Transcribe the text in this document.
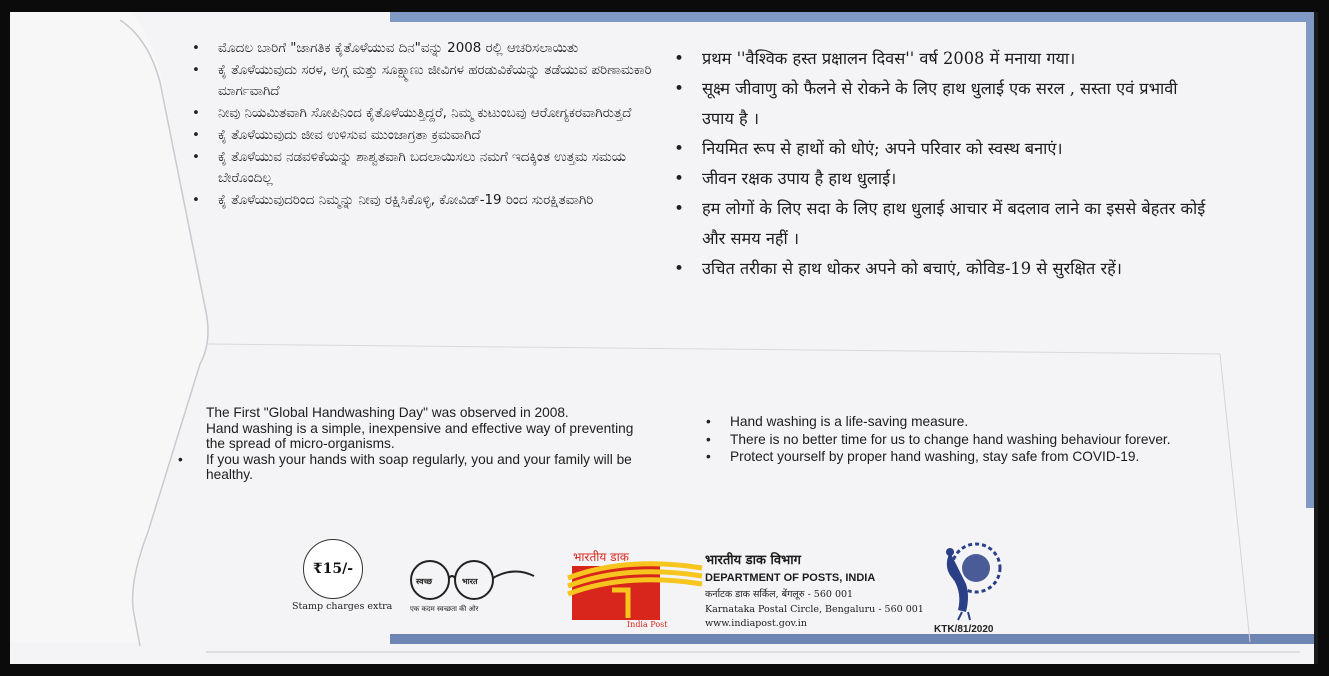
• ಮೊದಲ ಬಾರಿಗೆ "ಜಾಗತಿಕ ಕೈತೊಳೆಯುವ ದಿನ"ವನ್ನು 2008 ರಲ್ಲಿ ಆಚರಿಸಲಾಯಿತು
• ಕೈ ತೊಳೆಯುವುದು ಸರಳ, ಅಗ್ಗ ಮತ್ತು ಸೂಕ್ಷ್ಮಾಣು ಜೀವಿಗಳ ಹರಡುವಿಕೆಯನ್ನು ತಡೆಯುವ ಪರಿಣಾಮಕಾರಿ ಮಾರ್ಗವಾಗಿದೆ
• ನೀವು ನಿಯಮಿತವಾಗಿ ಸೋಪಿನಿಂದ ಕೈತೊಳೆಯುತ್ತಿದ್ದರೆ, ನಿಮ್ಮ ಕುಟುಂಬವು ಆರೋಗ್ಯಕರವಾಗಿರುತ್ತದೆ
• ಕೈ ತೊಳೆಯುವುದು ಜೀವ ಉಳಿಸುವ ಮುಂಜಾಗ್ರತಾ ಕ್ರಮವಾಗಿದೆ
• ಕೈ ತೊಳೆಯುವ ನಡವಳಿಕೆಯನ್ನು ಶಾಶ್ವತವಾಗಿ ಬದಲಾಯಿಸಲು ನಮಗೆ ಇದಕ್ಕಿಂತ ಉತ್ತಮ ಸಮಯ ಬೇರೊಂದಿಲ್ಲ
• ಕೈ ತೊಳೆಯುವುದರಿಂದ ನಿಮ್ಮನ್ನು ನೀವು ರಕ್ಷಿಸಿಕೊಳ್ಳಿ, ಕೋವಿಡ್-19 ರಿಂದ ಸುರಕ್ಷಿತವಾಗಿರಿ
• प्रथम ''वैश्विक हस्त प्रक्षालन दिवस'' वर्ष 2008 में मनाया गया।
• सूक्ष्म जीवाणु को फैलने से रोकने के लिए हाथ धुलाई एक सरल , सस्ता एवं प्रभावी उपाय है ।
• नियमित रूप से हाथों को धोएं; अपने परिवार को स्वस्थ बनाएं।
• जीवन रक्षक उपाय है हाथ धुलाई।
• हम लोगों के लिए सदा के लिए हाथ धुलाई आचार में बदलाव लाने का इससे बेहतर कोई और समय नहीं ।
• उचित तरीका से हाथ धोकर अपने को बचाएं, कोविड-19 से सुरक्षित रहें।
The First "Global Handwashing Day" was observed in 2008.
Hand washing is a simple, inexpensive and effective way of preventing the spread of micro-organisms.
• If you wash your hands with soap regularly, you and your family will be healthy.
• Hand washing is a life-saving measure.
• There is no better time for us to change hand washing behaviour forever.
• Protect yourself by proper hand washing, stay safe from COVID-19.
₹15/-
Stamp charges extra
स्वच्छ	भारत
एक कदम स्वच्छता की ओर
भारतीय डाक
India Post
भारतीय डाक विभाग
DEPARTMENT OF POSTS, INDIA
कर्नाटक डाक सर्किल, बेंगलूरु - 560 001
Karnataka Postal Circle, Bengaluru - 560 001
www.indiapost.gov.in
KTK/81/2020
